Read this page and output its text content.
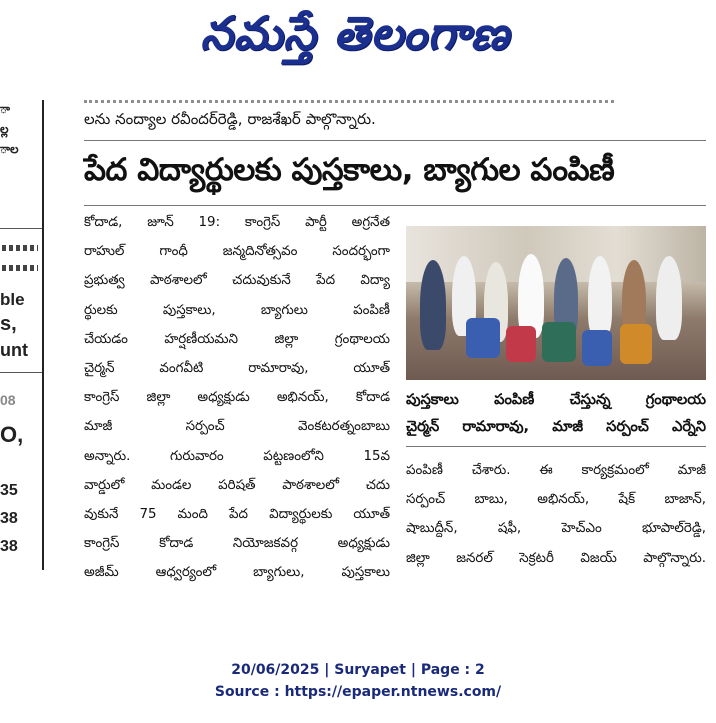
నమస్తే తెలంగాణ
ా
ల్ల
ాల
ble
s,
unt
08
O,
35
38
38
లను నంద్యాల రవీందర్‌రెడ్డి, రాజశేఖర్ పాల్గొన్నారు.
పేద విద్యార్థులకు పుస్తకాలు, బ్యాగుల పంపిణీ

కోదాడ, జూన్ 19: కాంగ్రెస్ పార్టీ అగ్రనేత

రాహుల్ గాంధీ జన్మదినోత్సవం సందర్భంగా

ప్రభుత్వ పాఠశాలలో చదువుకునే పేద విద్యా

ర్థులకు పుస్తకాలు, బ్యాగులు పంపిణీ

చేయడం హర్షణీయమని జిల్లా గ్రంథాలయ

చైర్మన్ వంగవీటి రామారావు, యూత్

కాంగ్రెస్ జిల్లా అధ్యక్షుడు అభినయ్, కోదాడ

మాజీ సర్పంచ్ వెంకటరత్నంబాబు

అన్నారు. గురువారం పట్టణంలోని 15వ

వార్డులో మండల పరిషత్ పాఠశాలలో చదు

వుకునే 75 మంది పేద విద్యార్థులకు యూత్

కాంగ్రెస్ కోదాడ నియోజకవర్గ అధ్యక్షుడు

అజీమ్ ఆధ్వర్యంలో బ్యాగులు, పుస్తకాలు

పుస్తకాలు పంపిణీ చేస్తున్న గ్రంథాలయ

చైర్మన్ రామారావు, మాజీ సర్పంచ్ ఎర్నేని

పంపిణీ చేశారు. ఈ కార్యక్రమంలో మాజీ

సర్పంచ్ బాబు, అభినయ్, షేక్ బాజాన్,

షాబుద్దీన్, షఫీ, హెచ్‌ఎం భూపాల్‌రెడ్డి,

జిల్లా జనరల్ సెక్రటరీ విజయ్ పాల్గొన్నారు.

20/06/2025 | Suryapet | Page : 2
Source : https://epaper.ntnews.com/
